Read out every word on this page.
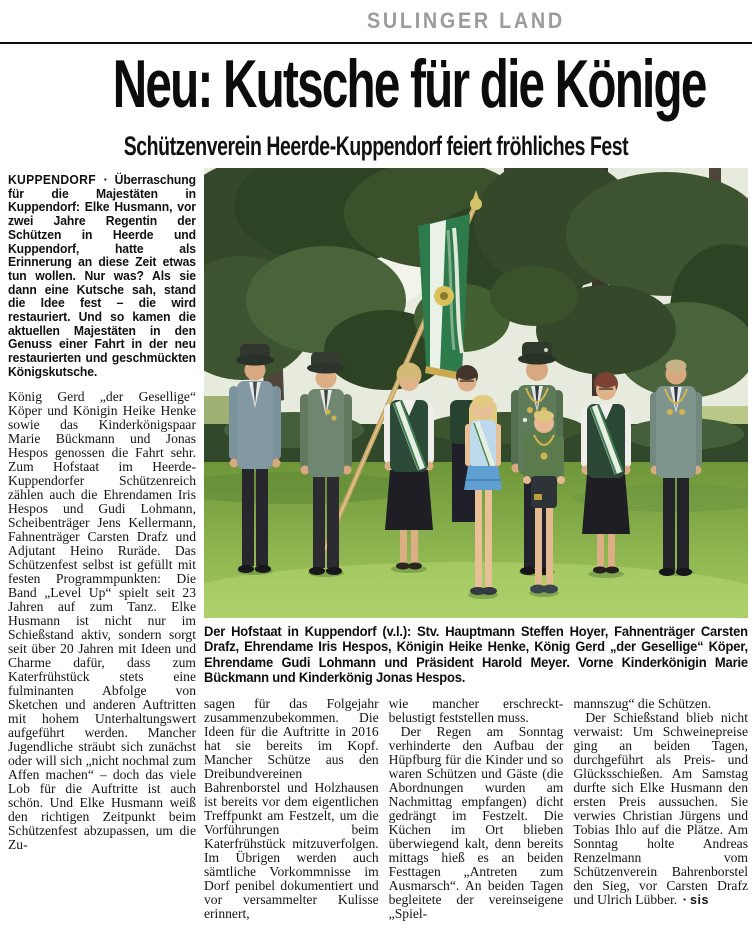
SULINGER LAND
Neu: Kutsche für die Könige
Schützenverein Heerde-Kuppendorf feiert fröhliches Fest

KUPPENDORF ▪ Überraschung für die Majestäten in Kuppendorf: Elke Husmann, vor zwei Jahre Regentin der Schützen in Heerde und Kuppendorf, hatte als Erinnerung an diese Zeit etwas tun wollen. Nur was? Als sie dann eine Kutsche sah, stand die Idee fest – die wird restauriert. Und so kamen die aktuellen Majestäten in den Genuss einer Fahrt in der neu restaurierten und geschmückten Königskutsche.

König Gerd „der Gesellige“ Köper und Königin Heike Henke sowie das Kinderkönigspaar Marie Bückmann und Jonas Hespos genossen die Fahrt sehr. Zum Hofstaat im Heerde-Kuppendorfer Schützenreich zählen auch die Ehrendamen Iris Hespos und Gudi Lohmann, Scheibenträger Jens Kellermann, Fahnenträger Carsten Drafz und Adjutant Heino Ruräde. Das Schützenfest selbst ist gefüllt mit festen Programmpunkten: Die Band „Level Up“ spielt seit 23 Jahren auf zum Tanz. Elke Husmann ist nicht nur im Schießstand aktiv, sondern sorgt seit über 20 Jahren mit Ideen und Charme dafür, dass zum Katerfrühstück stets eine fulminanten Abfolge von Sketchen und anderen Auftritten mit hohem Unterhaltungswert aufgeführt werden. Mancher Jugendliche sträubt sich zunächst oder will sich „nicht nochmal zum Affen machen“ – doch das viele Lob für die Auftritte ist auch schön. Und Elke Husmann weiß den richtigen Zeitpunkt beim Schützenfest abzupassen, um die Zu-

Der Hofstaat in Kuppendorf (v.l.): Stv. Hauptmann Steffen Hoyer, Fahnenträger Carsten Drafz, Ehrendame Iris Hespos, Königin Heike Henke, König Gerd „der Gesellige“ Köper, Ehrendame Gudi Lohmann und Präsident Harold Meyer. Vorne Kinderkönigin Marie Bückmann und Kinderkönig Jonas Hespos.

sagen für das Folgejahr zusammenzubekommen. Die Ideen für die Auftritte in 2016 hat sie bereits im Kopf. Mancher Schütze aus den Dreibundvereinen Bahrenborstel und Holzhausen ist bereits vor dem eigentlichen Treffpunkt am Festzelt, um die Vorführungen beim Katerfrühstück mitzuverfolgen. Im Übrigen werden auch sämtliche Vorkommnisse im Dorf penibel dokumentiert und vor versammelter Kulisse erinnert,

wie mancher erschreckt-belustigt feststellen muss.

Der Regen am Sonntag verhinderte den Aufbau der Hüpfburg für die Kinder und so waren Schützen und Gäste (die Abordnungen wurden am Nachmittag empfangen) dicht gedrängt im Festzelt. Die Küchen im Ort blieben überwiegend kalt, denn bereits mittags hieß es an beiden Festtagen „Antreten zum Ausmarsch“. An beiden Tagen begleitete der vereinseigene „Spiel-

mannszug“ die Schützen.

Der Schießstand blieb nicht verwaist: Um Schweinepreise ging an beiden Tagen, durchgeführt als Preis- und Glücksschießen. Am Samstag durfte sich Elke Husmann den ersten Preis aussuchen. Sie verwies Christian Jürgens und Tobias Ihlo auf die Plätze. Am Sonntag holte Andreas Renzelmann vom Schützenverein Bahrenborstel den Sieg, vor Carsten Drafz und Ulrich Lübber. ▪ sis
